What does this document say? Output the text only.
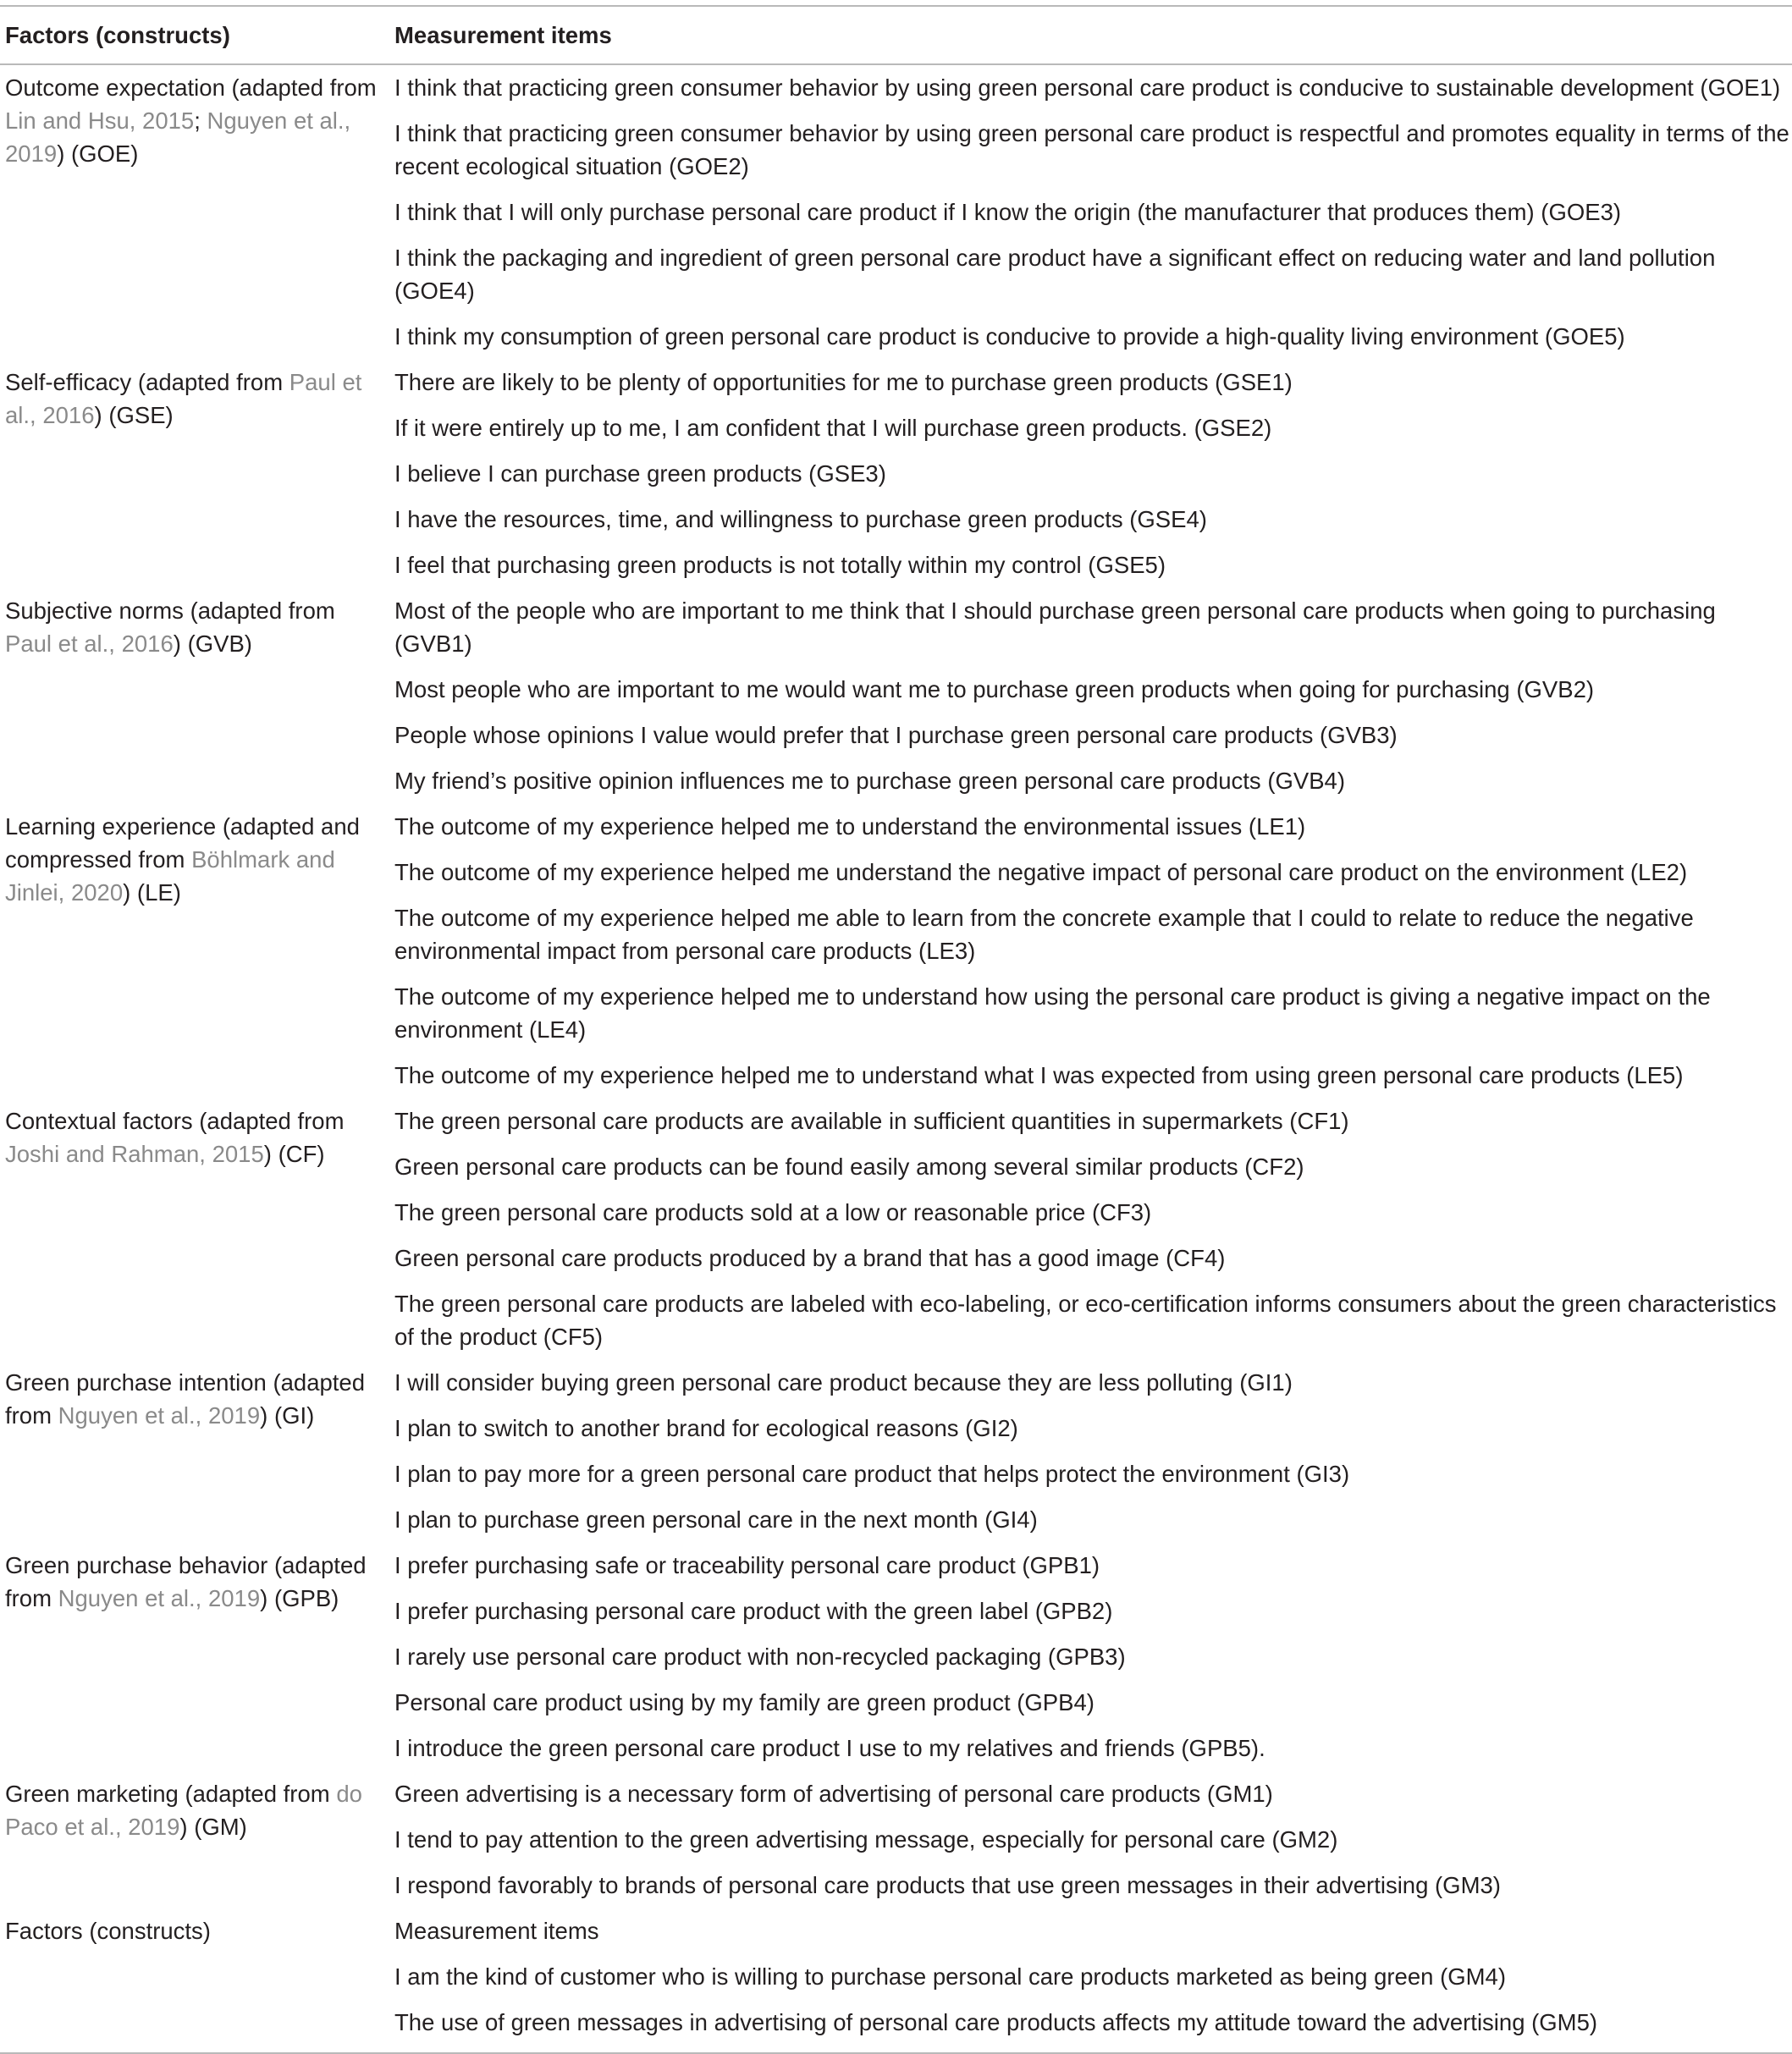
Factors (constructs)	Measurement items
Outcome expectation (adapted from Lin and Hsu, 2015; Nguyen et al., 2019) (GOE)	I think that practicing green consumer behavior by using green personal care product is conducive to sustainable development (GOE1)
I think that practicing green consumer behavior by using green personal care product is respectful and promotes equality in terms of the recent ecological situation (GOE2)
I think that I will only purchase personal care product if I know the origin (the manufacturer that produces them) (GOE3)
I think the packaging and ingredient of green personal care product have a significant effect on reducing water and land pollution (GOE4)
I think my consumption of green personal care product is conducive to provide a high-quality living environment (GOE5)

Self-efficacy (adapted from Paul et al., 2016) (GSE)	There are likely to be plenty of opportunities for me to purchase green products (GSE1)
If it were entirely up to me, I am confident that I will purchase green products. (GSE2)
I believe I can purchase green products (GSE3)
I have the resources, time, and willingness to purchase green products (GSE4)
I feel that purchasing green products is not totally within my control (GSE5)

Subjective norms (adapted from Paul et al., 2016) (GVB)	Most of the people who are important to me think that I should purchase green personal care products when going to purchasing (GVB1)
Most people who are important to me would want me to purchase green products when going for purchasing (GVB2)
People whose opinions I value would prefer that I purchase green personal care products (GVB3)
My friend’s positive opinion influences me to purchase green personal care products (GVB4)

Learning experience (adapted and compressed from Böhlmark and Jinlei, 2020) (LE)	The outcome of my experience helped me to understand the environmental issues (LE1)
The outcome of my experience helped me understand the negative impact of personal care product on the environment (LE2)
The outcome of my experience helped me able to learn from the concrete example that I could to relate to reduce the negative environmental impact from personal care products (LE3)
The outcome of my experience helped me to understand how using the personal care product is giving a negative impact on the environment (LE4)
The outcome of my experience helped me to understand what I was expected from using green personal care products (LE5)

Contextual factors (adapted from Joshi and Rahman, 2015) (CF)	The green personal care products are available in sufficient quantities in supermarkets (CF1)
Green personal care products can be found easily among several similar products (CF2)
The green personal care products sold at a low or reasonable price (CF3)
Green personal care products produced by a brand that has a good image (CF4)
The green personal care products are labeled with eco-labeling, or eco-certification informs consumers about the green characteristics of the product (CF5)

Green purchase intention (adapted from Nguyen et al., 2019) (GI)	I will consider buying green personal care product because they are less polluting (GI1)
I plan to switch to another brand for ecological reasons (GI2)
I plan to pay more for a green personal care product that helps protect the environment (GI3)
I plan to purchase green personal care in the next month (GI4)

Green purchase behavior (adapted from Nguyen et al., 2019) (GPB)	I prefer purchasing safe or traceability personal care product (GPB1)
I prefer purchasing personal care product with the green label (GPB2)
I rarely use personal care product with non-recycled packaging (GPB3)
Personal care product using by my family are green product (GPB4)
I introduce the green personal care product I use to my relatives and friends (GPB5).

Green marketing (adapted from do Paco et al., 2019) (GM)	Green advertising is a necessary form of advertising of personal care products (GM1)
I tend to pay attention to the green advertising message, especially for personal care (GM2)
I respond favorably to brands of personal care products that use green messages in their advertising (GM3)

Factors (constructs)	Measurement items
I am the kind of customer who is willing to purchase personal care products marketed as being green (GM4)
The use of green messages in advertising of personal care products affects my attitude toward the advertising (GM5)
